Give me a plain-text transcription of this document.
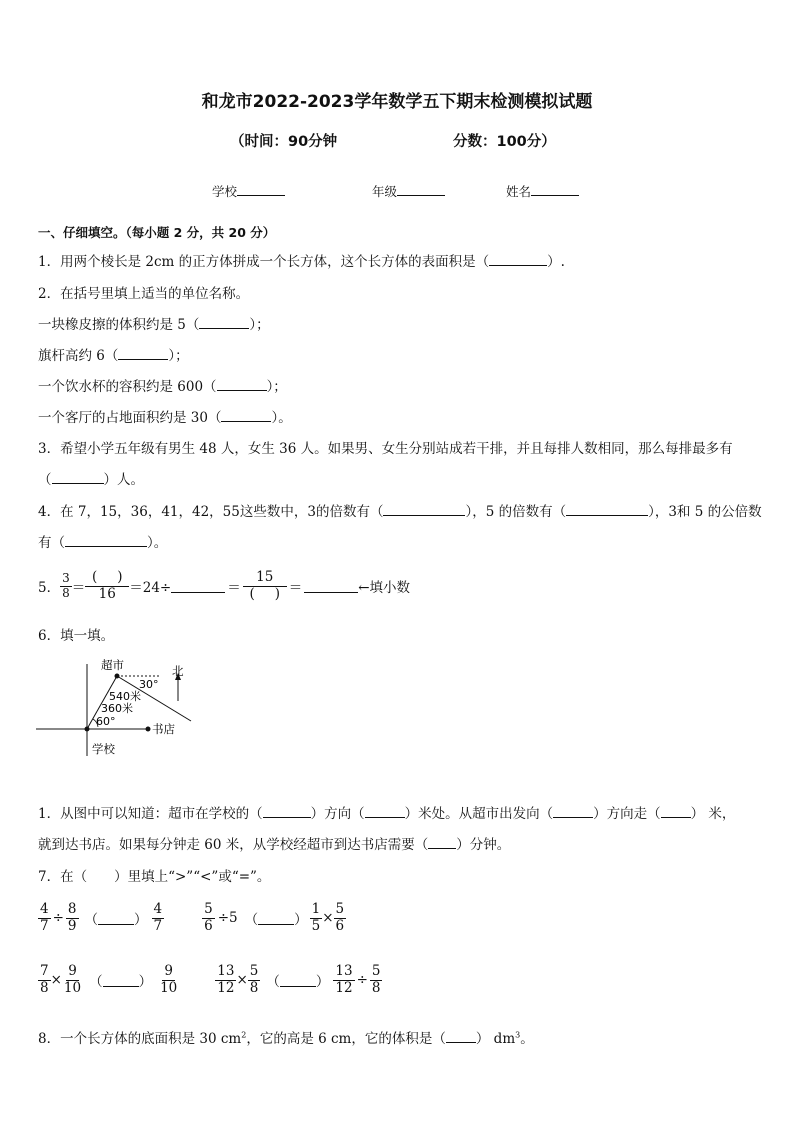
和龙市2022-2023学年数学五下期末检测模拟试题
（时间：90分钟	分数：100分）
学校	年级	姓名
一、仔细填空。（每小题 2 分，共 20 分）
1．用两个棱长是 2cm 的正方体拼成一个长方体，这个长方体的表面积是（	）.
2．在括号里填上适当的单位名称。
一块橡皮擦的体积约是 5（	）；
旗杆高约 6（	）；
一个饮水杯的容积约是 600（	）；
一个客厅的占地面积约是 30（	）。
3．希望小学五年级有男生 48 人，女生 36 人。如果男、女生分别站成若干排，并且每排人数相同，那么每排最多有
（	）人。
4．在 7，15，36，41，42，55这些数中，3的倍数有（	），5 的倍数有（	），3和 5 的公倍数
有（	）。
5． $\frac{3}{8} = \frac{( )}{16} =24\div$	＝ $\frac{15}{( )}$ ＝	←填小数
6．填一填。
超市	北
30°
540米
360米
60°
书店
学校
1．从图中可以知道：超市在学校的（	）方向（	）米处。从超市出发向（	）方向走（ ） 米，
就到达书店。如果每分钟走 60 米，从学校经超市到达书店需要（ ）分钟。
7．在（　　）里填上“>”“<”或“=”。
$\frac{4}{7} \div \frac{8}{9}$ （	） $\frac{4}{7}$	$\frac{5}{6} \div 5$ （	） $\frac{1}{5} \times \frac{5}{6}$
$\frac{7}{8} \times \frac{9}{10}$ （	） $\frac{9}{10}$	$\frac{13}{12} \times \frac{5}{8}$ （	） $\frac{13}{12} \div \frac{5}{8}$
8．一个长方体的底面积是 30 $cm^2$，它的高是 6 cm，它的体积是（ ） $dm^3$。
